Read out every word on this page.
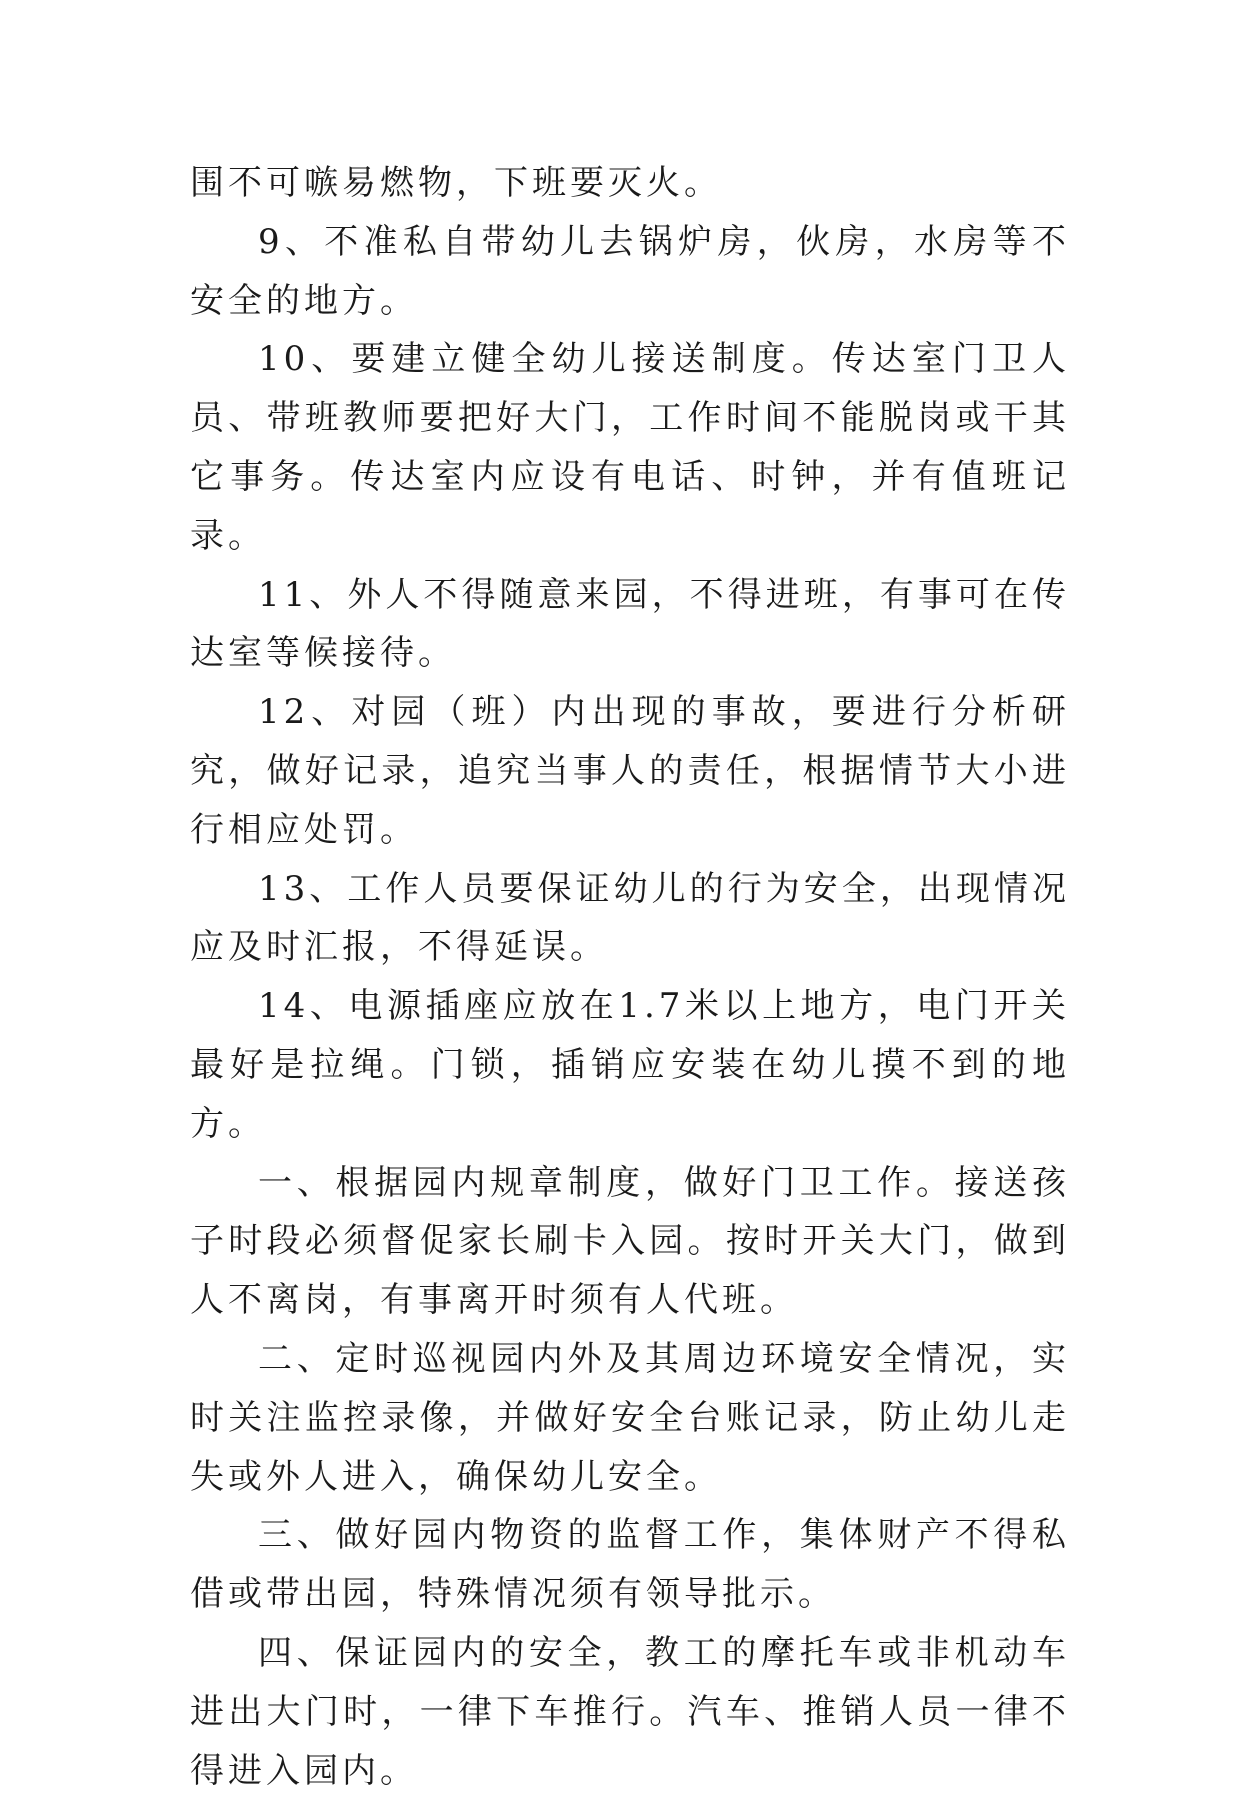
围不可嗾易燃物，下班要灭火。

9、不准私自带幼儿去锅炉房，伙房，水房等不安全的地方。

10、要建立健全幼儿接送制度。传达室门卫人员、带班教师要把好大门，工作时间不能脱岗或干其它事务。传达室内应设有电话、时钟，并有值班记录。

11、外人不得随意来园，不得进班，有事可在传达室等候接待。

12、对园（班）内出现的事故，要进行分析研究，做好记录，追究当事人的责任，根据情节大小进行相应处罚。

13、工作人员要保证幼儿的行为安全，出现情况应及时汇报，不得延误。

14、电源插座应放在1.7米以上地方，电门开关最好是拉绳。门锁，插销应安装在幼儿摸不到的地方。

一、根据园内规章制度，做好门卫工作。接送孩子时段必须督促家长刷卡入园。按时开关大门，做到人不离岗，有事离开时须有人代班。

二、定时巡视园内外及其周边环境安全情况，实时关注监控录像，并做好安全台账记录，防止幼儿走失或外人进入，确保幼儿安全。

三、做好园内物资的监督工作，集体财产不得私借或带出园，特殊情况须有领导批示。

四、保证园内的安全，教工的摩托车或非机动车进出大门时，一律下车推行。汽车、推销人员一律不得进入园内。
